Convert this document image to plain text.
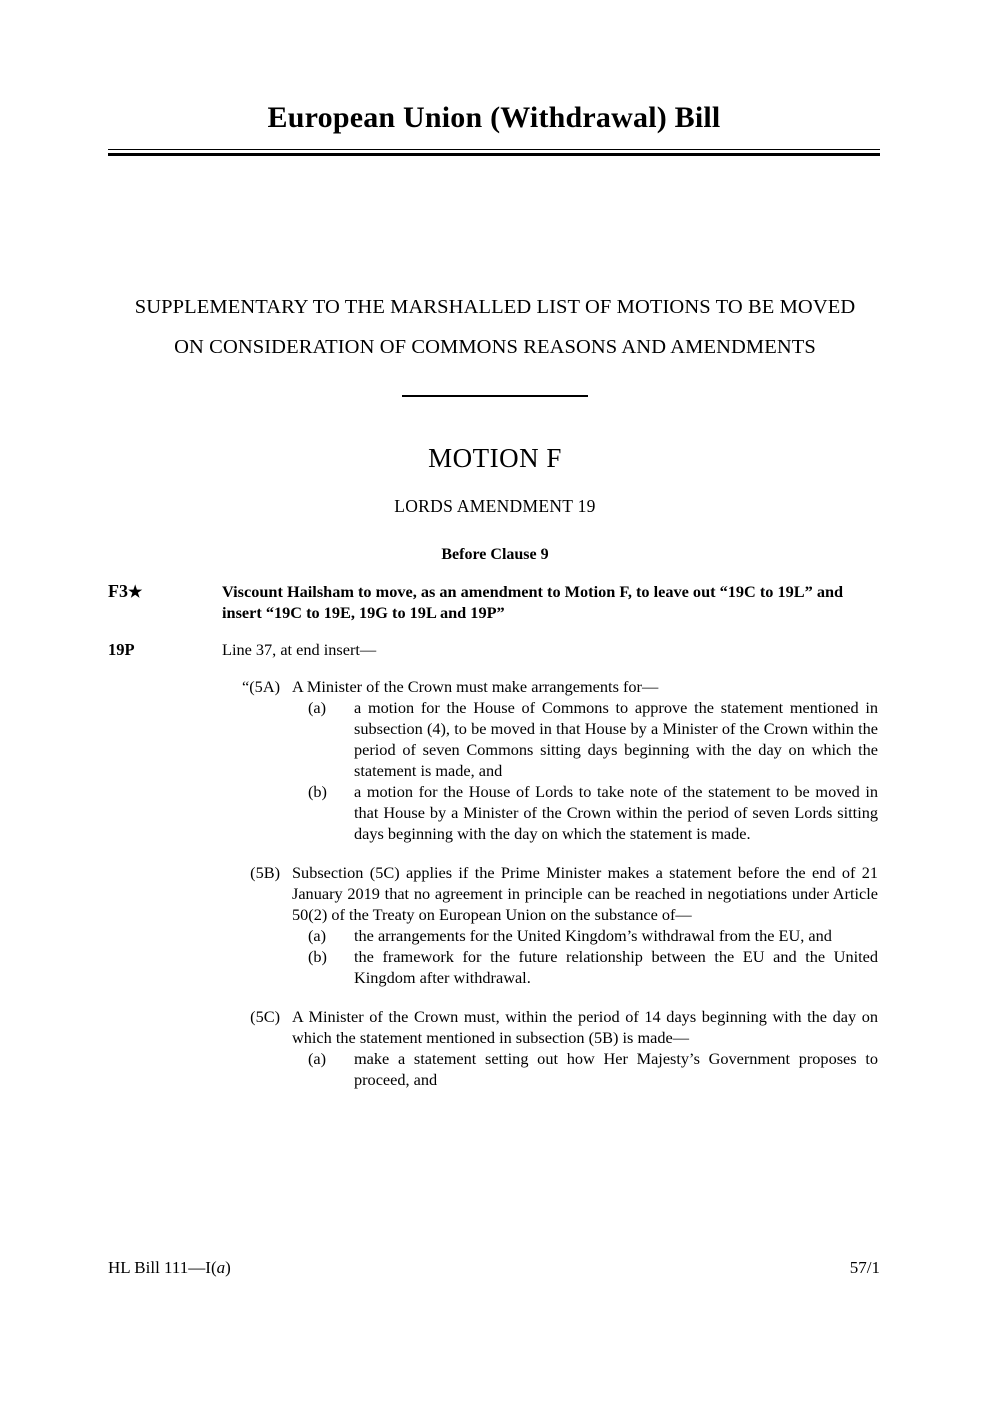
European Union (Withdrawal) Bill
SUPPLEMENTARY TO THE MARSHALLED LIST OF MOTIONS TO BE MOVED
ON CONSIDERATION OF COMMONS REASONS AND AMENDMENTS
MOTION F
LORDS AMENDMENT 19
Before Clause 9
F3★	Viscount Hailsham to move, as an amendment to Motion F, to leave out “19C to 19L” and insert “19C to 19E, 19G to 19L and 19P”
19P	Line 37, at end insert—
“(5A) A Minister of the Crown must make arrangements for—
(a)	a motion for the House of Commons to approve the statement mentioned in subsection (4), to be moved in that House by a Minister of the Crown within the period of seven Commons sitting days beginning with the day on which the statement is made, and
(b)	a motion for the House of Lords to take note of the statement to be moved in that House by a Minister of the Crown within the period of seven Lords sitting days beginning with the day on which the statement is made.
(5B) Subsection (5C) applies if the Prime Minister makes a statement before the end of 21 January 2019 that no agreement in principle can be reached in negotiations under Article 50(2) of the Treaty on European Union on the substance of—
(a)	the arrangements for the United Kingdom’s withdrawal from the EU, and
(b)	the framework for the future relationship between the EU and the United Kingdom after withdrawal.
(5C) A Minister of the Crown must, within the period of 14 days beginning with the day on which the statement mentioned in subsection (5B) is made—
(a)	make a statement setting out how Her Majesty’s Government proposes to proceed, and
HL Bill 111—I(a)	57/1
